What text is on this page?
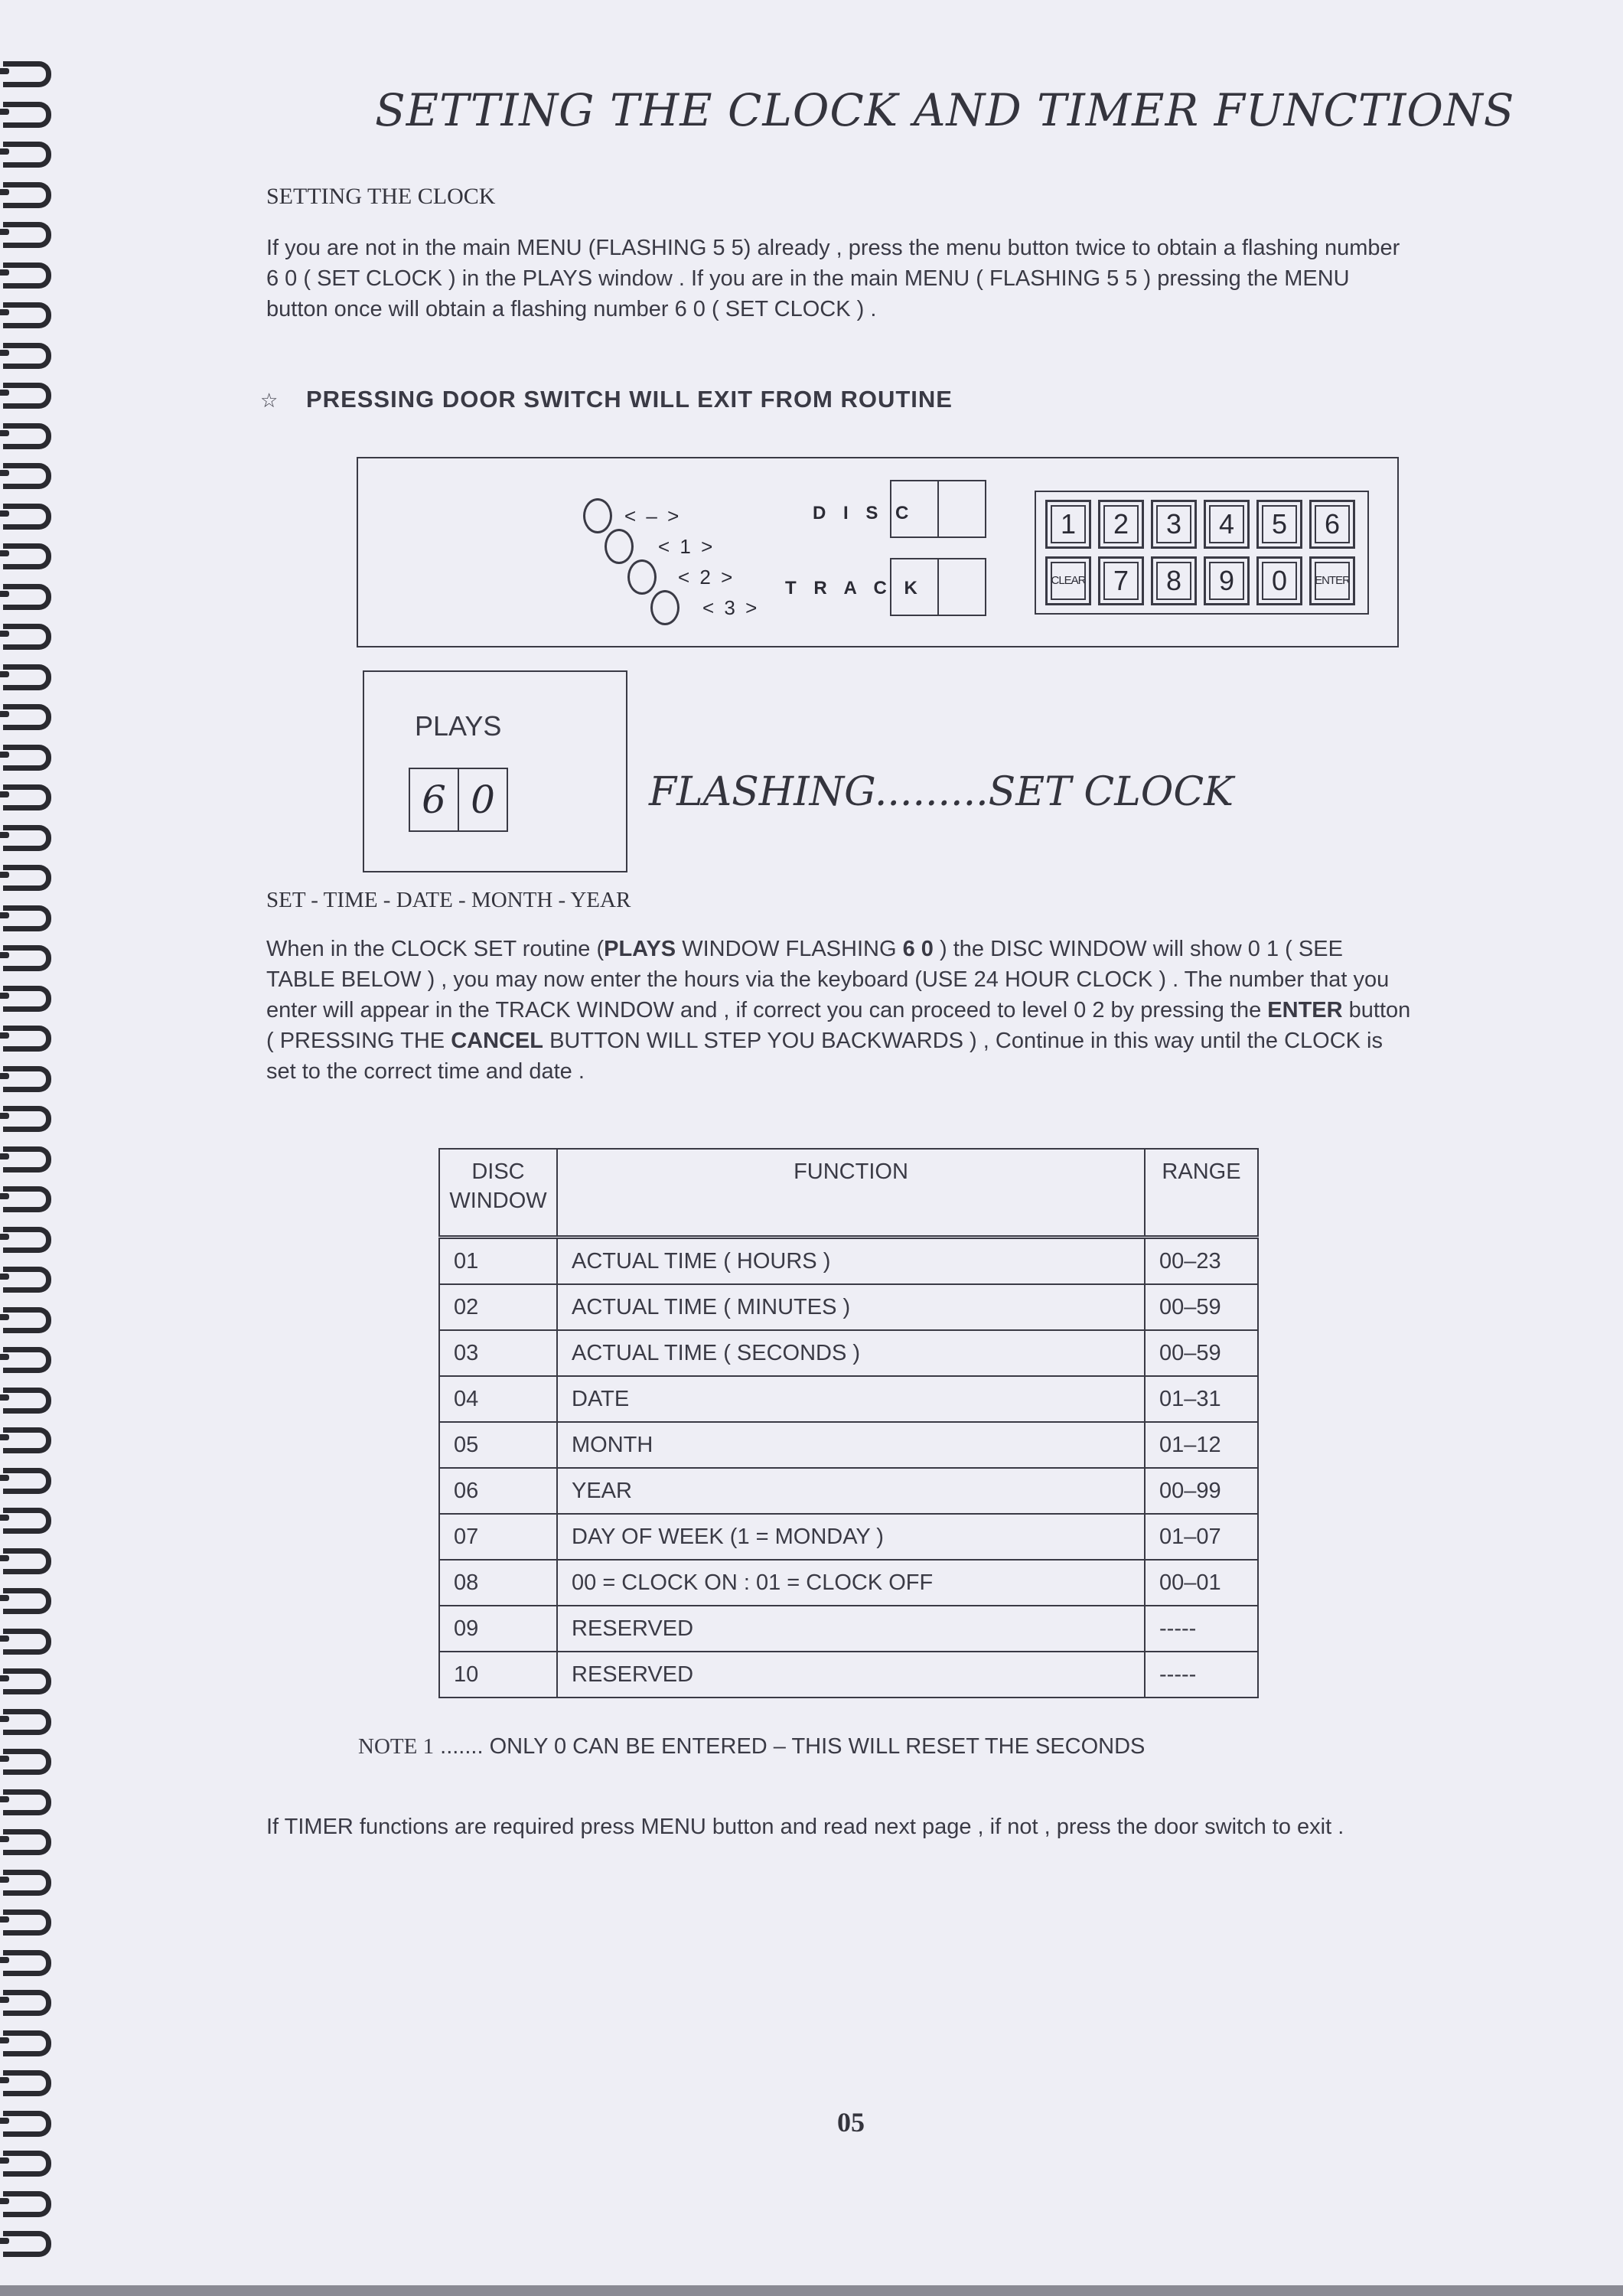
SETTING THE CLOCK AND TIMER FUNCTIONS
SETTING THE CLOCK
If you are not in the main MENU (FLASHING 5 5) already , press the menu button twice to obtain a flashing number 6 0 ( SET CLOCK ) in the PLAYS window . If you are in the main MENU ( FLASHING 5 5 ) pressing the MENU button once will obtain a flashing number 6 0 ( SET CLOCK ) .
☆ PRESSING DOOR SWITCH WILL EXIT FROM ROUTINE
< – >
< 1 >
< 2 >
< 3 >
D I S C
T R A C K
1	2	3	4	5	6
CLEAR	7	8	9	0	ENTER
PLAYS
6 0	FLASHING.........SET CLOCK
SET - TIME - DATE - MONTH - YEAR
When in the CLOCK SET routine (PLAYS WINDOW FLASHING 6 0 ) the DISC WINDOW will show 0 1 ( SEE TABLE BELOW ) , you may now enter the hours via the keyboard (USE 24 HOUR CLOCK ) . The number that you enter will appear in the TRACK WINDOW and , if correct you can proceed to level 0 2 by pressing the ENTER button ( PRESSING THE CANCEL BUTTON WILL STEP YOU BACKWARDS ) , Continue in this way until the CLOCK is set to the correct time and date .
DISC WINDOW	FUNCTION	RANGE
01	ACTUAL TIME ( HOURS )	00–23
02	ACTUAL TIME ( MINUTES )	00–59
03	ACTUAL TIME ( SECONDS )	00–59
04	DATE	01–31
05	MONTH	01–12
06	YEAR	00–99
07	DAY OF WEEK (1 = MONDAY )	01–07
08	00 = CLOCK ON : 01 = CLOCK OFF	00–01
09	RESERVED	-----
10	RESERVED	-----
NOTE 1 ....... ONLY 0 CAN BE ENTERED – THIS WILL RESET THE SECONDS
If TIMER functions are required press MENU button and read next page , if not , press the door switch to exit .
05
